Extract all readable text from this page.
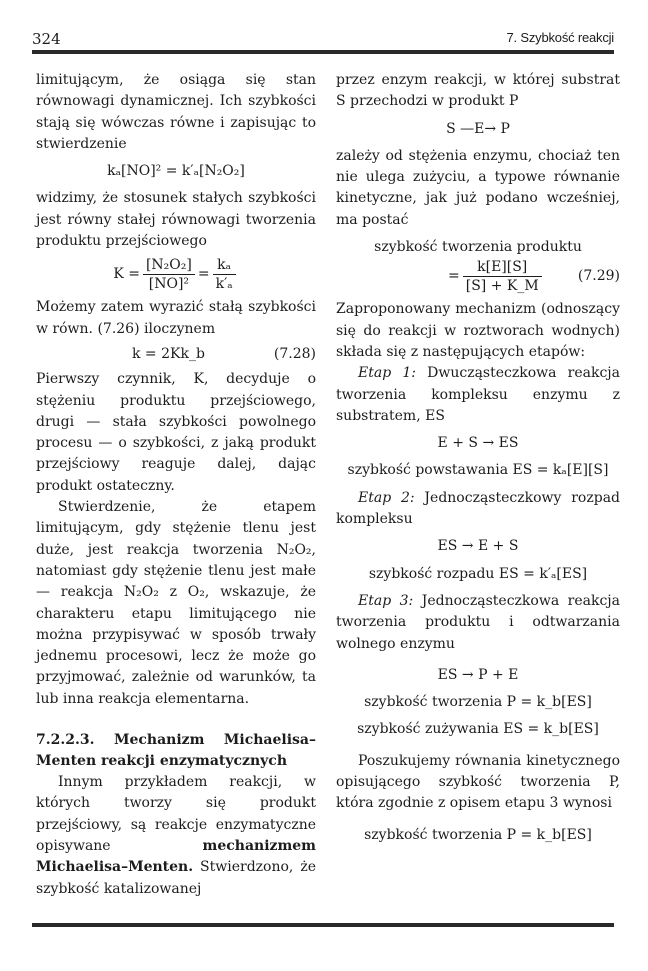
324	7. Szybkość reakcji

limitującym, że osiąga się stan równowagi dynamicznej. Ich szybkości stają się wówczas równe i zapisując to stwierdzenie

kₐ[NO]² = k′ₐ[N₂O₂]

widzimy, że stosunek stałych szybkości jest równy stałej równowagi tworzenia produktu przejściowego

$K = \frac{\text{[N₂O₂]}}{\text{[NO]²}} = \frac{\text{kₐ}}{\text{k′ₐ}}$

Możemy zatem wyrazić stałą szybkości w równ. (7.26) iloczynem

k = 2Kk_b	(7.28)

Pierwszy czynnik, K, decyduje o stężeniu produktu przejściowego, drugi — stała szybkości powolnego procesu — o szybkości, z jaką produkt przejściowy reaguje dalej, dając produkt ostateczny.

Stwierdzenie, że etapem limitującym, gdy stężenie tlenu jest duże, jest reakcja tworzenia N₂O₂, natomiast gdy stężenie tlenu jest małe — reakcja N₂O₂ z O₂, wskazuje, że charakteru etapu limitującego nie można przypisywać w sposób trwały jednemu procesowi, lecz że może go przyjmować, zależnie od warunków, ta lub inna reakcja elementarna.

7.2.2.3. Mechanizm Michaelisa–Menten reakcji enzymatycznych

Innym przykładem reakcji, w których tworzy się produkt przejściowy, są reakcje enzymatyczne opisywane mechanizmem Michaelisa–Menten. Stwierdzono, że szybkość katalizowanej

przez enzym reakcji, w której substrat S przechodzi w produkt P

S —E→ P

zależy od stężenia enzymu, chociaż ten nie ulega zużyciu, a typowe równanie kinetyczne, jak już podano wcześniej, ma postać

szybkość tworzenia produktu
= $\frac{k[E][S]}{[S] + K\_M}$	(7.29)

Zaproponowany mechanizm (odnoszący się do reakcji w roztworach wodnych) składa się z następujących etapów:

Etap 1: Dwucząsteczkowa reakcja tworzenia kompleksu enzymu z substratem, ES

E + S → ES
szybkość powstawania ES = kₐ[E][S]

Etap 2: Jednocząsteczkowy rozpad kompleksu

ES → E + S
szybkość rozpadu ES = k′ₐ[ES]

Etap 3: Jednocząsteczkowa reakcja tworzenia produktu i odtwarzania wolnego enzymu

ES → P + E
szybkość tworzenia P = k_b[ES]
szybkość zużywania ES = k_b[ES]

Poszukujemy równania kinetycznego opisującego szybkość tworzenia P, która zgodnie z opisem etapu 3 wynosi

szybkość tworzenia P = k_b[ES]
